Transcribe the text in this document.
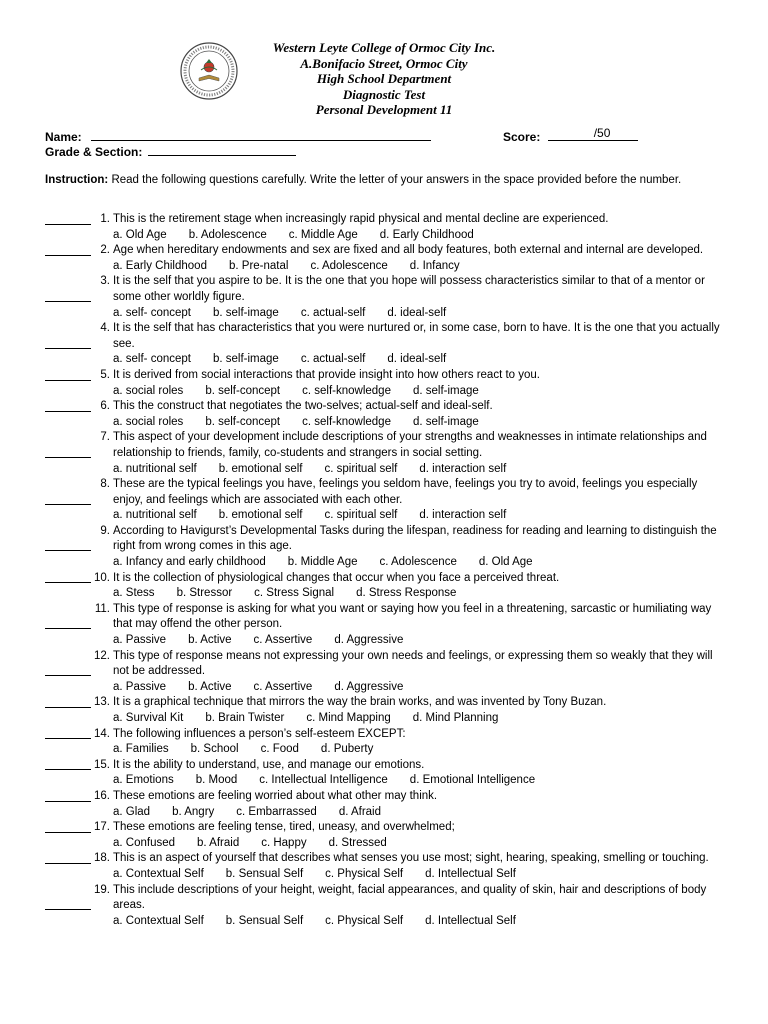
Western Leyte College of Ormoc City Inc.
A.Bonifacio Street, Ormoc City
High School Department
Diagnostic Test
Personal Development 11
Name:	Score:	/50
Grade & Section:
Instruction: Read the following questions carefully. Write the letter of your answers in the space provided before the number.
1. This is the retirement stage when increasingly rapid physical and mental decline are experienced.
a. Old Age b. Adolescence c. Middle Age d. Early Childhood
2. Age when hereditary endowments and sex are fixed and all body features, both external and internal are developed.
a. Early Childhood b. Pre-natal c. Adolescence d. Infancy
3. It is the self that you aspire to be. It is the one that you hope will possess characteristics similar to that of a mentor or some other worldly figure.
a. self- concept b. self-image c. actual-self d. ideal-self
4. It is the self that has characteristics that you were nurtured or, in some case, born to have. It is the one that you actually see.
a. self- concept b. self-image c. actual-self d. ideal-self
5. It is derived from social interactions that provide insight into how others react to you.
a. social roles b. self-concept c. self-knowledge d. self-image
6. This the construct that negotiates the two-selves; actual-self and ideal-self.
a. social roles b. self-concept c. self-knowledge d. self-image
7. This aspect of your development include descriptions of your strengths and weaknesses in intimate relationships and relationship to friends, family, co-students and strangers in social setting.
a. nutritional self b. emotional self c. spiritual self d. interaction self
8. These are the typical feelings you have, feelings you seldom have, feelings you try to avoid, feelings you especially enjoy, and feelings which are associated with each other.
a. nutritional self b. emotional self c. spiritual self d. interaction self
9. According to Havigurst’s Developmental Tasks during the lifespan, readiness for reading and learning to distinguish the right from wrong comes in this age.
a. Infancy and early childhood b. Middle Age c. Adolescence d. Old Age
10. It is the collection of physiological changes that occur when you face a perceived threat.
a. Stess b. Stressor c. Stress Signal d. Stress Response
11. This type of response is asking for what you want or saying how you feel in a threatening, sarcastic or humiliating way that may offend the other person.
a. Passive b. Active c. Assertive d. Aggressive
12. This type of response means not expressing your own needs and feelings, or expressing them so weakly that they will not be addressed.
a. Passive b. Active c. Assertive d. Aggressive
13. It is a graphical technique that mirrors the way the brain works, and was invented by Tony Buzan.
a. Survival Kit b. Brain Twister c. Mind Mapping d. Mind Planning
14. The following influences a person’s self-esteem EXCEPT:
a. Families b. School c. Food d. Puberty
15. It is the ability to understand, use, and manage our emotions.
a. Emotions b. Mood c. Intellectual Intelligence d. Emotional Intelligence
16. These emotions are feeling worried about what other may think.
a. Glad b. Angry c. Embarrassed d. Afraid
17. These emotions are feeling tense, tired, uneasy, and overwhelmed;
a. Confused b. Afraid c. Happy d. Stressed
18. This is an aspect of yourself that describes what senses you use most; sight, hearing, speaking, smelling or touching.
a. Contextual Self b. Sensual Self c. Physical Self d. Intellectual Self
19. This include descriptions of your height, weight, facial appearances, and quality of skin, hair and descriptions of body areas.
a. Contextual Self b. Sensual Self c. Physical Self d. Intellectual Self
